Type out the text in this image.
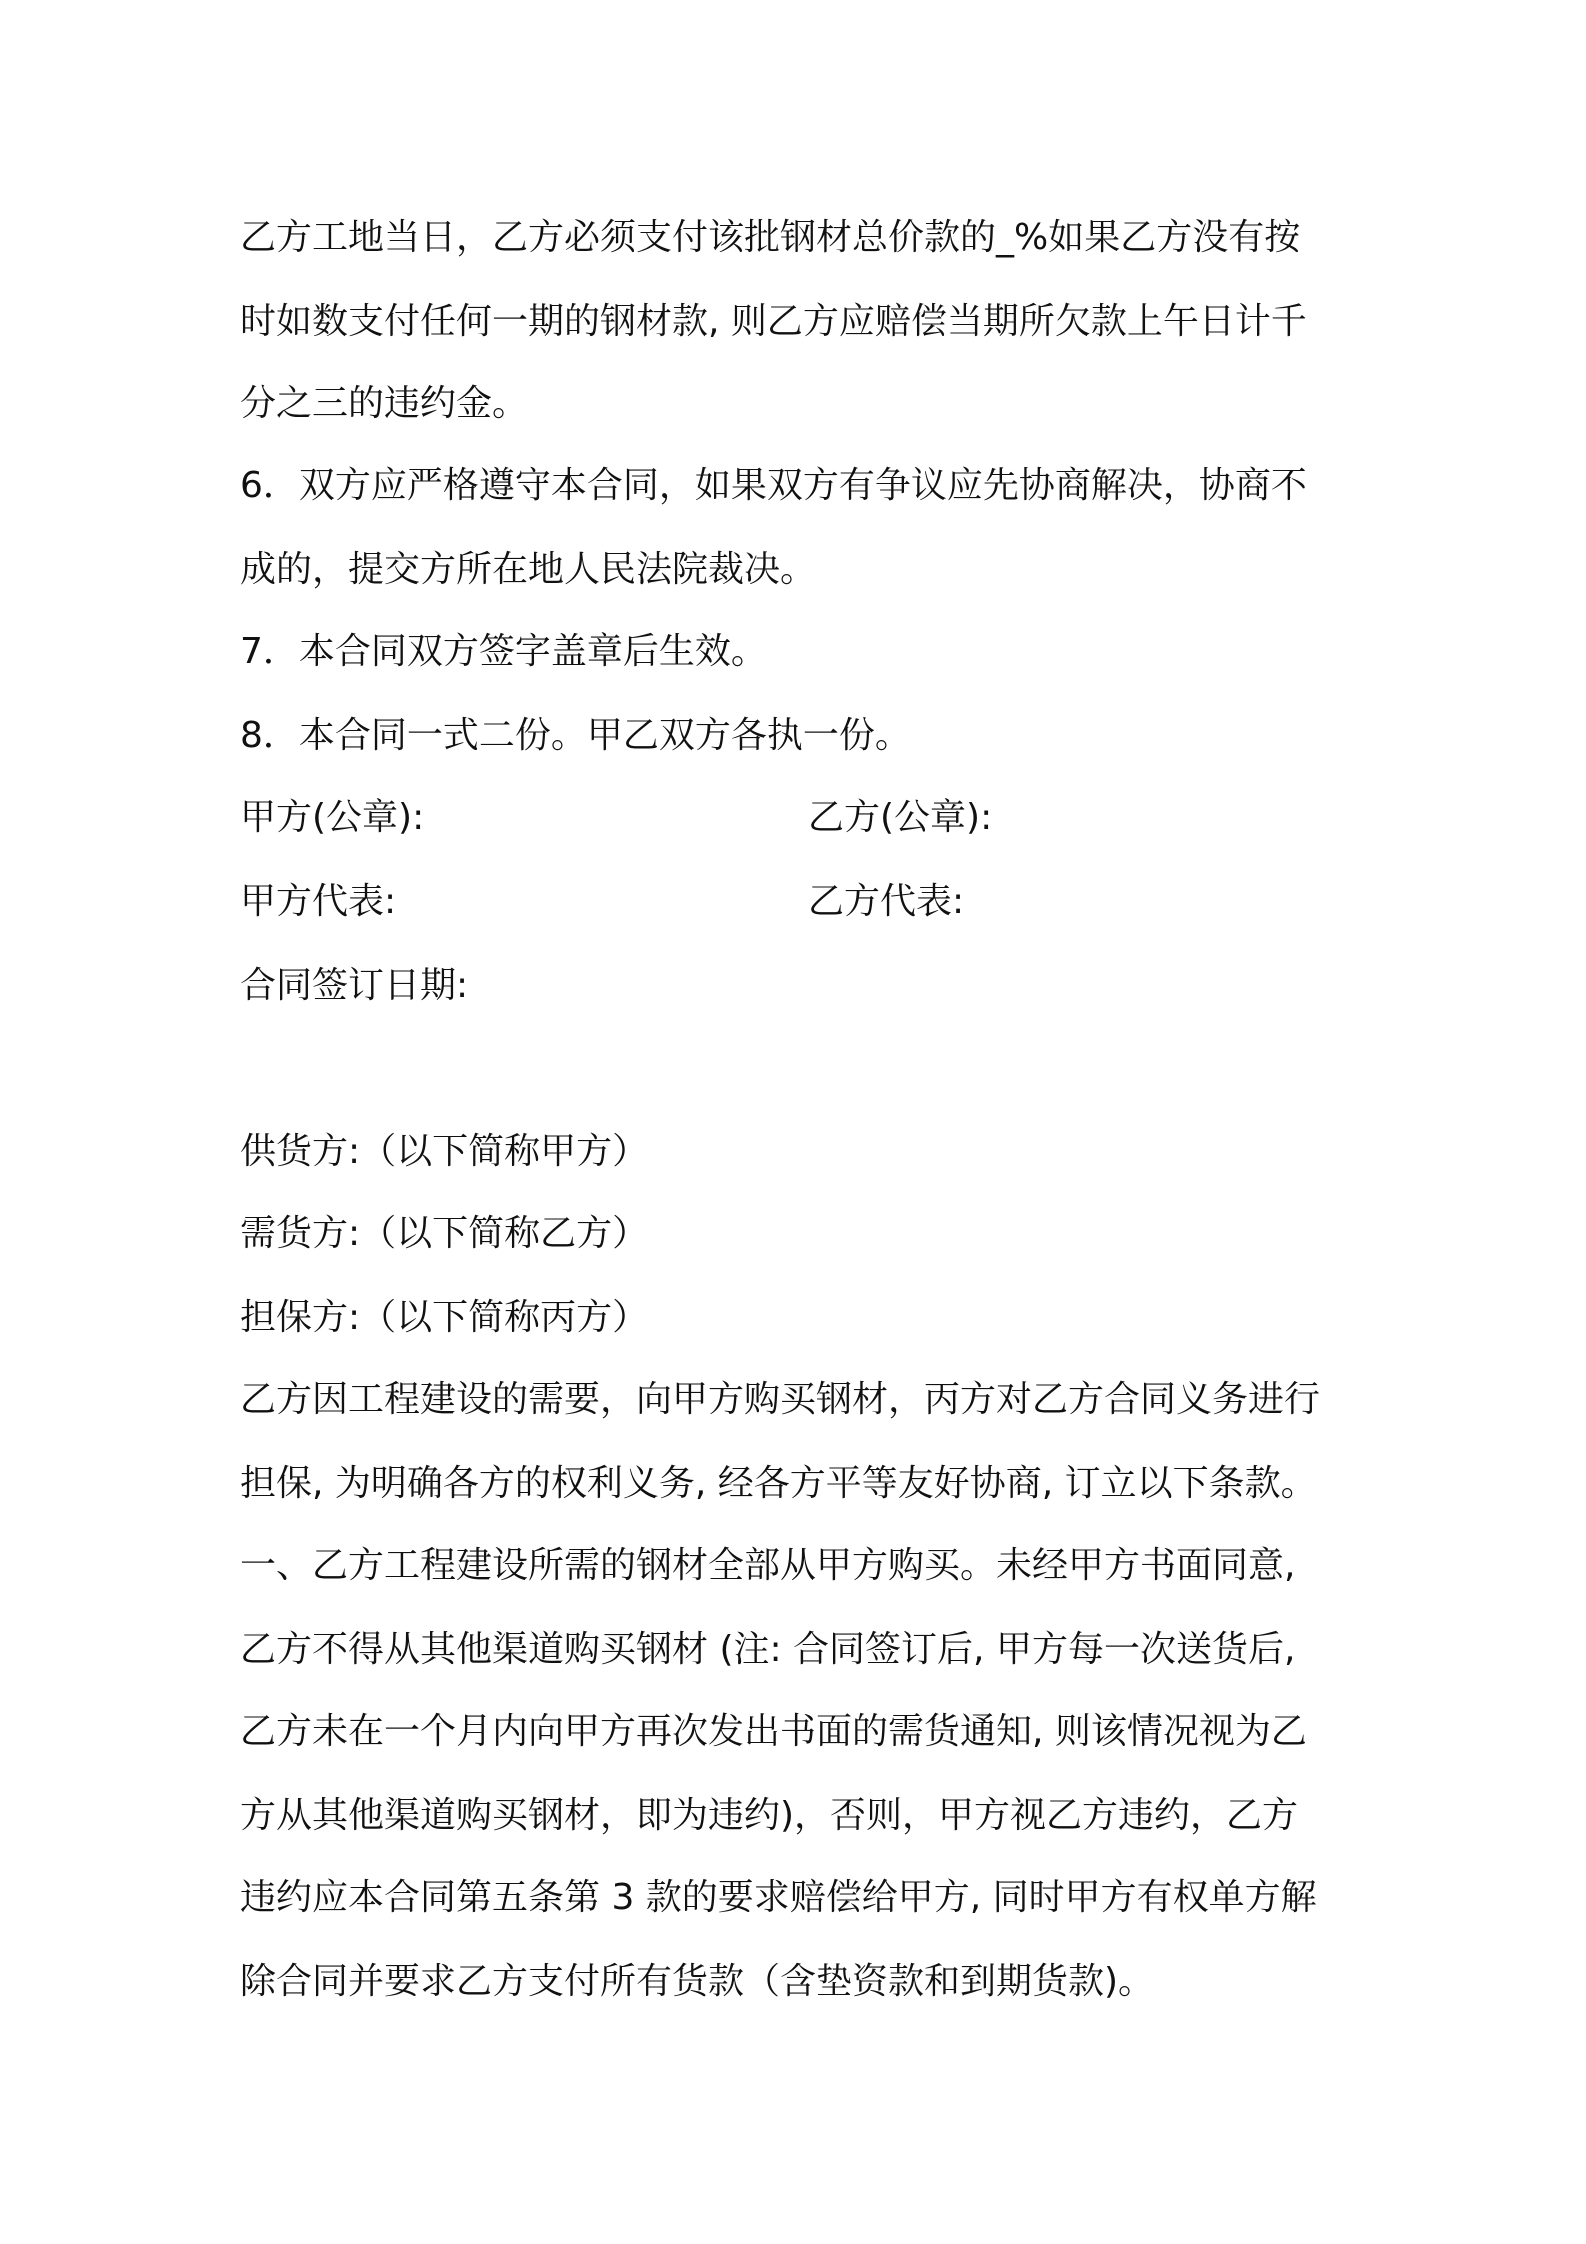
乙方工地当日，乙方必须支付该批钢材总价款的_%如果乙方没有按
时如数支付任何一期的钢材款, 则乙方应赔偿当期所欠款上午日计千
分之三的违约金。
6．双方应严格遵守本合同，如果双方有争议应先协商解决，协商不
成的，提交方所在地人民法院裁决。
7．本合同双方签字盖章后生效。
8．本合同一式二份。甲乙双方各执一份。
甲方(公章):	乙方(公章):
甲方代表:	乙方代表:
合同签订日期:
供货方:（以下简称甲方）
需货方:（以下简称乙方）
担保方:（以下简称丙方）
乙方因工程建设的需要，向甲方购买钢材，丙方对乙方合同义务进行
担保, 为明确各方的权利义务, 经各方平等友好协商, 订立以下条款。
一、乙方工程建设所需的钢材全部从甲方购买。未经甲方书面同意,
乙方不得从其他渠道购买钢材 (注: 合同签订后, 甲方每一次送货后,
乙方未在一个月内向甲方再次发出书面的需货通知, 则该情况视为乙
方从其他渠道购买钢材，即为违约)，否则，甲方视乙方违约，乙方
违约应本合同第五条第 3 款的要求赔偿给甲方, 同时甲方有权单方解
除合同并要求乙方支付所有货款（含垫资款和到期货款)。
